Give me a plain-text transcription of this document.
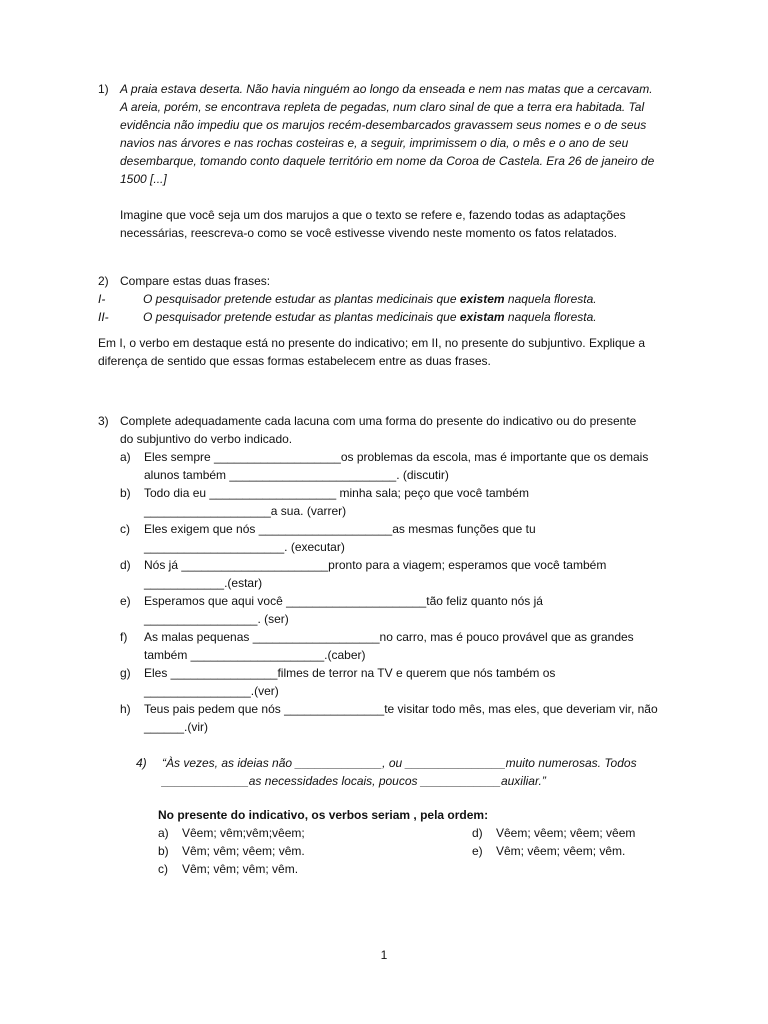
1) A praia estava deserta. Não havia ninguém ao longo da enseada e nem nas matas que a cercavam.
A areia, porém, se encontrava repleta de pegadas, num claro sinal de que a terra era habitada. Tal
evidência não impediu que os marujos recém-desembarcados gravassem seus nomes e o de seus
navios nas árvores e nas rochas costeiras e, a seguir, imprimissem o dia, o mês e o ano de seu
desembarque, tomando conto daquele território em nome da Coroa de Castela. Era 26 de janeiro de
1500 [...]
Imagine que você seja um dos marujos a que o texto se refere e, fazendo todas as adaptações
necessárias, reescreva-o como se você estivesse vivendo neste momento os fatos relatados.
2) Compare estas duas frases:
I-	O pesquisador pretende estudar as plantas medicinais que existem naquela floresta.
II-	O pesquisador pretende estudar as plantas medicinais que existam naquela floresta.
Em I, o verbo em destaque está no presente do indicativo; em II, no presente do subjuntivo. Explique a
diferença de sentido que essas formas estabelecem entre as duas frases.
3) Complete adequadamente cada lacuna com uma forma do presente do indicativo ou do presente
do subjuntivo do verbo indicado.
a)	Eles sempre ___________________os problemas da escola, mas é importante que os demais
alunos também _________________________. (discutir)
b)	Todo dia eu ___________________ minha sala; peço que você também
___________________a sua. (varrer)
c)	Eles exigem que nós ____________________as mesmas funções que tu
_____________________. (executar)
d)	Nós já ______________________pronto para a viagem; esperamos que você também
____________.(estar)
e)	Esperamos que aqui você _____________________tão feliz quanto nós já
_________________. (ser)
f)	As malas pequenas ___________________no carro, mas é pouco provável que as grandes
também ____________________.(caber)
g)	Eles ________________filmes de terror na TV e querem que nós também os
________________.(ver)
h)	Teus pais pedem que nós _______________te visitar todo mês, mas eles, que deveriam vir, não
______.(vir)
4)	“Às vezes, as ideias não _____________, ou _______________muito numerosas. Todos
_____________as necessidades locais, poucos ____________auxiliar.”
No presente do indicativo, os verbos seriam , pela ordem:
a)	Vêem; vêm;vêm;vêem;
b)	Vêm; vêm; vêem; vêm.
c)	Vêm; vêm; vêm; vêm.
d)	Vêem; vêem; vêem; vêem
e)	Vêm; vêem; vêem; vêm.
1
